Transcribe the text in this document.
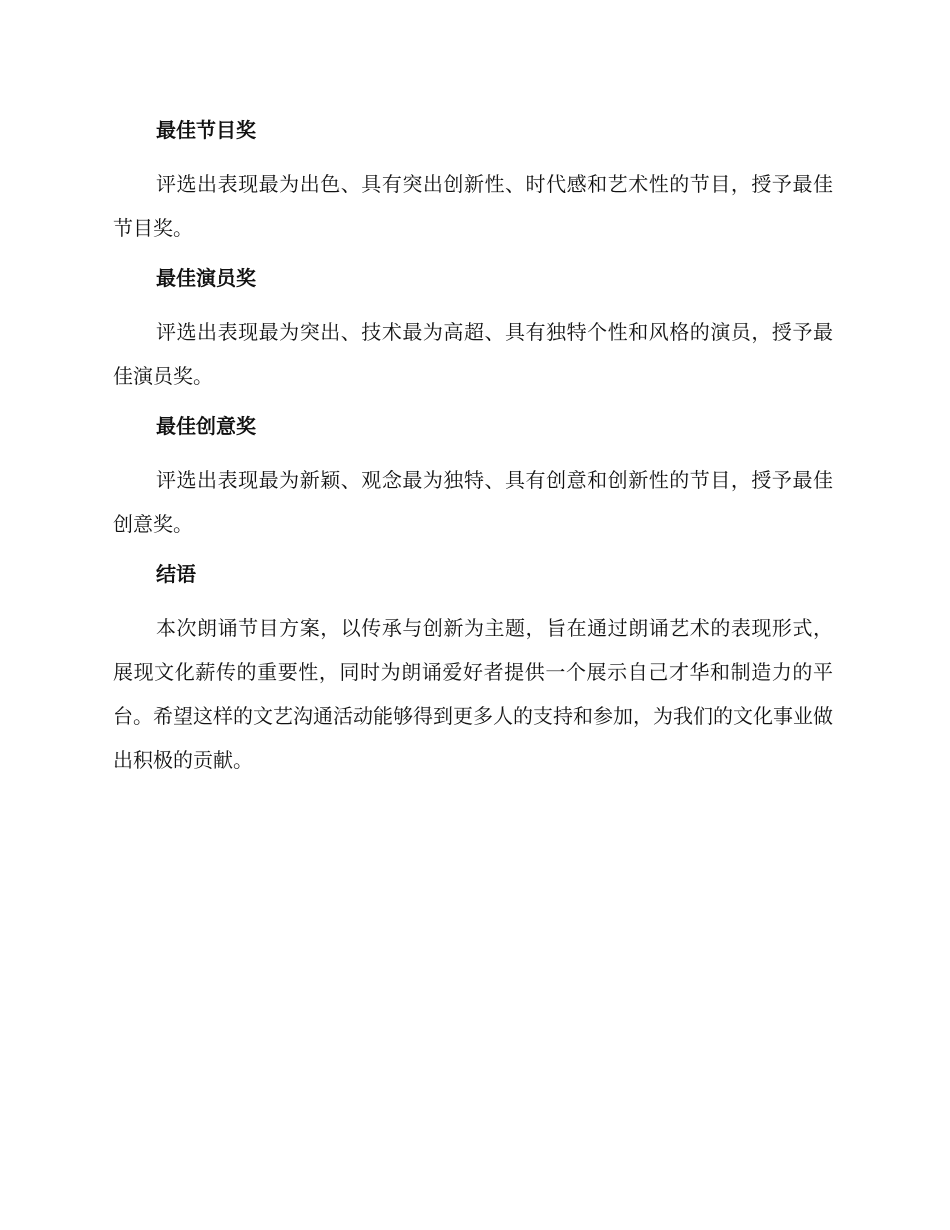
最佳节目奖

评选出表现最为出色、具有突出创新性、时代感和艺术性的节目，授予最佳节目奖。

最佳演员奖

评选出表现最为突出、技术最为高超、具有独特个性和风格的演员，授予最佳演员奖。

最佳创意奖

评选出表现最为新颖、观念最为独特、具有创意和创新性的节目，授予最佳创意奖。

结语

本次朗诵节目方案，以传承与创新为主题，旨在通过朗诵艺术的表现形式，展现文化薪传的重要性，同时为朗诵爱好者提供一个展示自己才华和制造力的平台。希望这样的文艺沟通活动能够得到更多人的支持和参加，为我们的文化事业做出积极的贡献。
